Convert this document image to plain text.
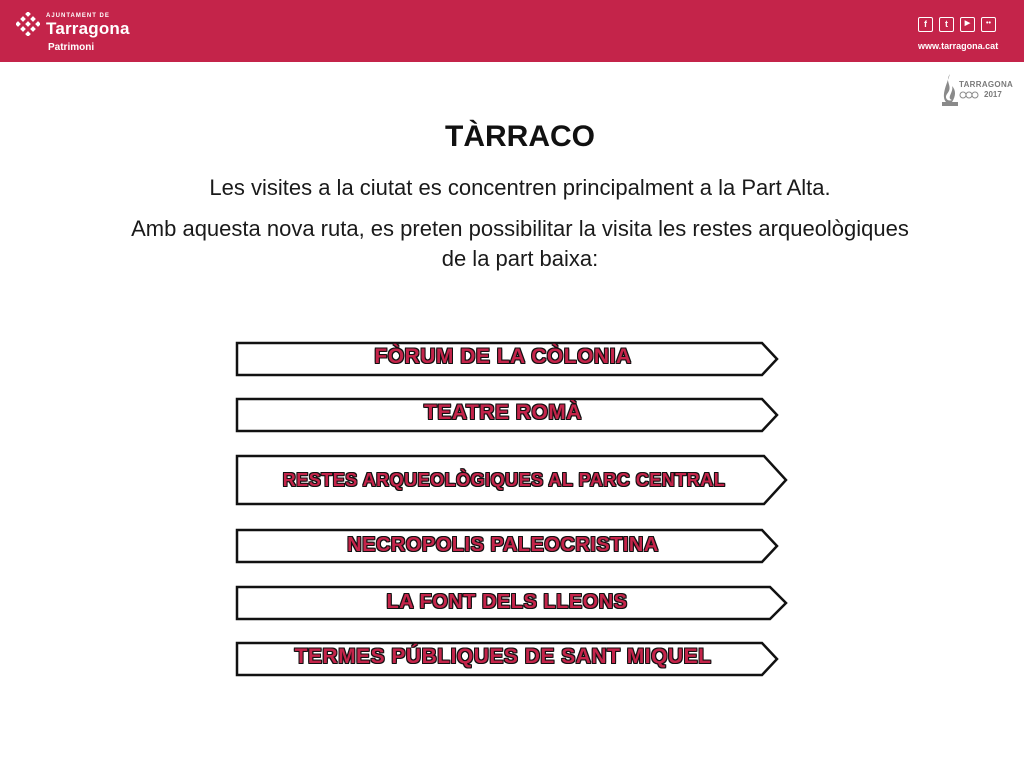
AJUNTAMENT DE
Tarragona
Patrimoni
f	t	▶	••
www.tarragona.cat
TARRAGONA
2017
TÀRRACO
Les visites a la ciutat es concentren principalment a la Part Alta.
Amb aquesta nova ruta, es preten possibilitar la visita les restes arqueològiques de la part baixa:
FÒRUM DE LA CÒLONIA
TEATRE ROMÀ
RESTES ARQUEOLÒGIQUES AL PARC CENTRAL
NECROPOLIS PALEOCRISTINA
LA FONT DELS LLEONS
TERMES PÚBLIQUES DE SANT MIQUEL
